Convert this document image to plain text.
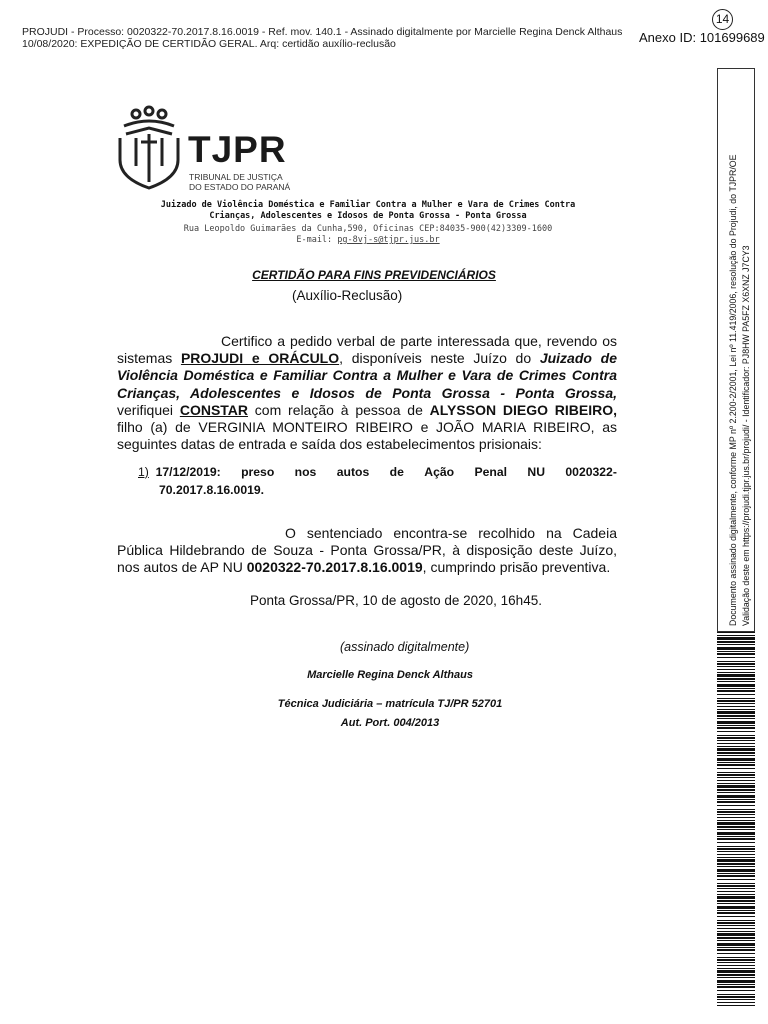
PROJUDI - Processo: 0020322-70.2017.8.16.0019 - Ref. mov. 140.1 - Assinado digitalmente por Marcielle Regina Denck Althaus
10/08/2020: EXPEDIÇÃO DE CERTIDÃO GERAL. Arq: certidão auxílio-reclusão
14
Anexo ID: 101699689
TJPR
TRIBUNAL DE JUSTIÇA
DO ESTADO DO PARANÁ
Juizado de Violência Doméstica e Familiar Contra a Mulher e Vara de Crimes Contra
Crianças, Adolescentes e Idosos de Ponta Grossa - Ponta Grossa
Rua Leopoldo Guimarães da Cunha,590, Oficinas CEP:84035-900(42)3309-1600
E-mail: pg-8vj-s@tjpr.jus.br
CERTIDÃO PARA FINS PREVIDENCIÁRIOS
(Auxílio-Reclusão)
Certifico a pedido verbal de parte interessada que, revendo os sistemas PROJUDI e ORÁCULO, disponíveis neste Juízo do Juizado de Violência Doméstica e Familiar Contra a Mulher e Vara de Crimes Contra Crianças, Adolescentes e Idosos de Ponta Grossa - Ponta Grossa, verifiquei CONSTAR com relação à pessoa de ALYSSON DIEGO RIBEIRO, filho (a) de VERGINIA MONTEIRO RIBEIRO e JOÃO MARIA RIBEIRO, as seguintes datas de entrada e saída dos estabelecimentos prisionais:
1) 17/12/2019: preso nos autos de Ação Penal NU 0020322-
70.2017.8.16.0019.
O sentenciado encontra-se recolhido na Cadeia Pública Hildebrando de Souza - Ponta Grossa/PR, à disposição deste Juízo, nos autos de AP NU 0020322-70.2017.8.16.0019, cumprindo prisão preventiva.
Ponta Grossa/PR, 10 de agosto de 2020, 16h45.
(assinado digitalmente)
Marcielle Regina Denck Althaus
Técnica Judiciária – matrícula TJ/PR 52701
Aut. Port. 004/2013
Documento assinado digitalmente, conforme MP nº 2.200-2/2001, Lei nº 11.419/2006, resolução do Projudi, do TJPR/OE Validação deste em https://projudi.tjpr.jus.br/projudi/ - Identificador: PJ8HW PA5FZ X6XNZ J7CY3
